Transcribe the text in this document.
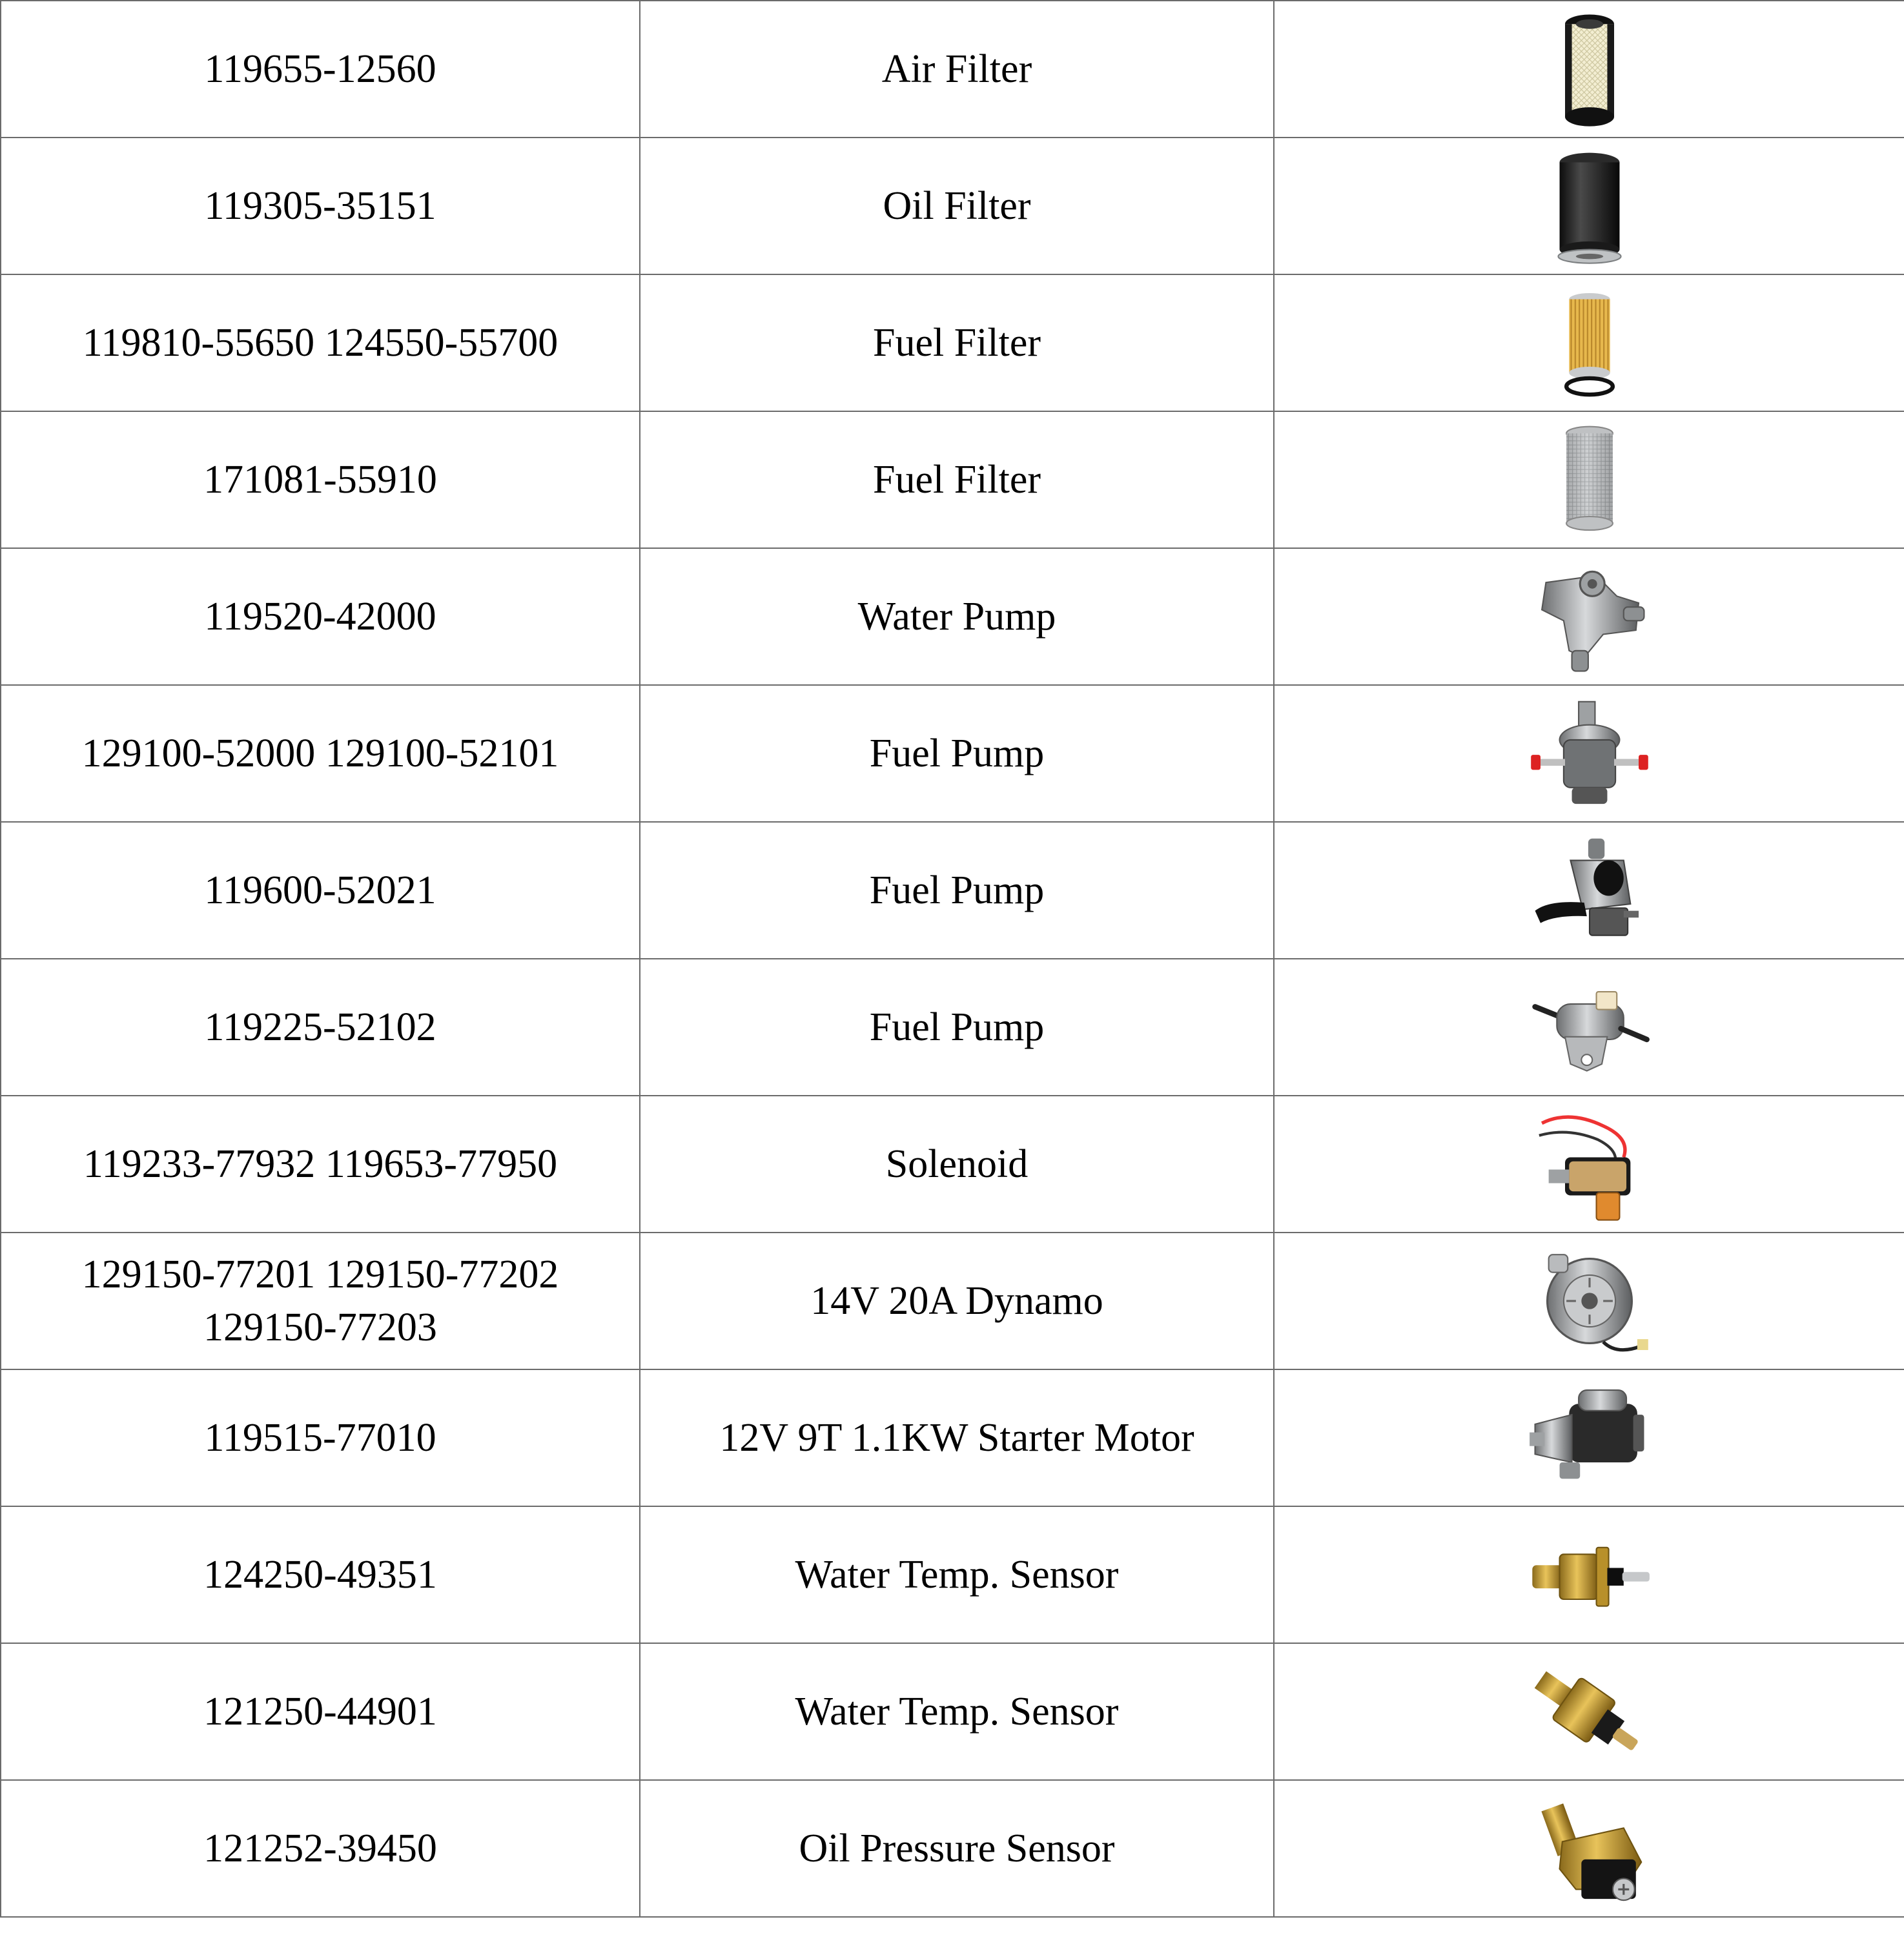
119655-12560	Air Filter	

119305-35151	Oil Filter	

119810-55650 124550-55700	Fuel Filter	

171081-55910	Fuel Filter	

119520-42000	Water Pump	

129100-52000 129100-52101	Fuel Pump	

119600-52021	Fuel Pump	

119225-52102	Fuel Pump	

119233-77932 119653-77950	Solenoid	

129150-77201 129150-77202
129150-77203	14V 20A Dynamo	

119515-77010	12V 9T 1.1KW Starter Motor	

124250-49351	Water Temp. Sensor	

121250-44901	Water Temp. Sensor	

121252-39450	Oil Pressure Sensor	
